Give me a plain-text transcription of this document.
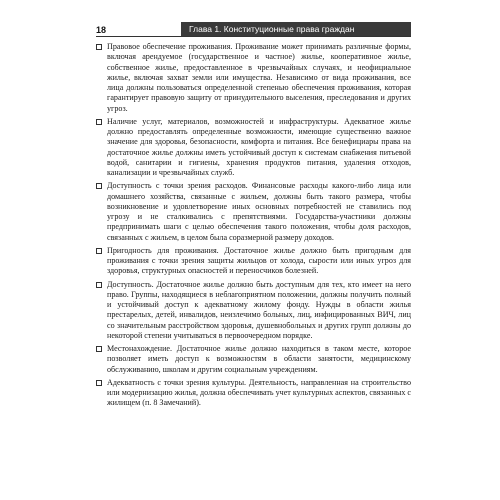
18	Глава 1. Конституционные права граждан
Правовое обеспечение проживания. Проживание может принимать различные формы, включая арендуемое (государственное и частное) жилье, кооперативное жилье, собственное жилье, предоставленное в чрезвычайных случаях, и неофициальное жилье, включая захват земли или имущества. Независимо от вида проживания, все лица должны пользоваться определенной степенью обеспечения проживания, которая гарантирует правовую защиту от принудительного выселения, преследования и других угроз.
Наличие услуг, материалов, возможностей и инфраструктуры. Адекватное жилье должно предоставлять определенные возможности, имеющие существенно важное значение для здоровья, безопасности, комфорта и питания. Все бенефициары права на достаточное жилье должны иметь устойчивый доступ к системам снабжения питьевой водой, санитарии и гигиены, хранения продуктов питания, удаления отходов, канализации и чрезвычайных служб.
Доступность с точки зрения расходов. Финансовые расходы какого-либо лица или домашнего хозяйства, связанные с жильем, должны быть такого размера, чтобы возникновение и удовлетворение иных основных потребностей не ставились под угрозу и не сталкивались с препятствиями. Государства-участники должны предпринимать шаги с целью обеспечения такого положения, чтобы доля расходов, связанных с жильем, в целом была соразмерной размеру доходов.
Пригодность для проживания. Достаточное жилье должно быть пригодным для проживания с точки зрения защиты жильцов от холода, сырости или иных угроз для здоровья, структурных опасностей и переносчиков болезней.
Доступность. Достаточное жилье должно быть доступным для тех, кто имеет на него право. Группы, находящиеся в неблагоприятном положении, должны получить полный и устойчивый доступ к адекватному жилому фонду. Нужды в области жилья престарелых, детей, инвалидов, неизлечимо больных, лиц, инфицированных ВИЧ, лиц со значительным расстройством здоровья, душевнобольных и других групп должны до некоторой степени учитываться в первоочередном порядке.
Местонахождение. Достаточное жилье должно находиться в таком месте, которое позволяет иметь доступ к возможностям в области занятости, медицинскому обслуживанию, школам и другим социальным учреждениям.
Адекватность с точки зрения культуры. Деятельность, направленная на строительство или модернизацию жилья, должна обеспечивать учет культурных аспектов, связанных с жилищем (п. 8 Замечаний).
